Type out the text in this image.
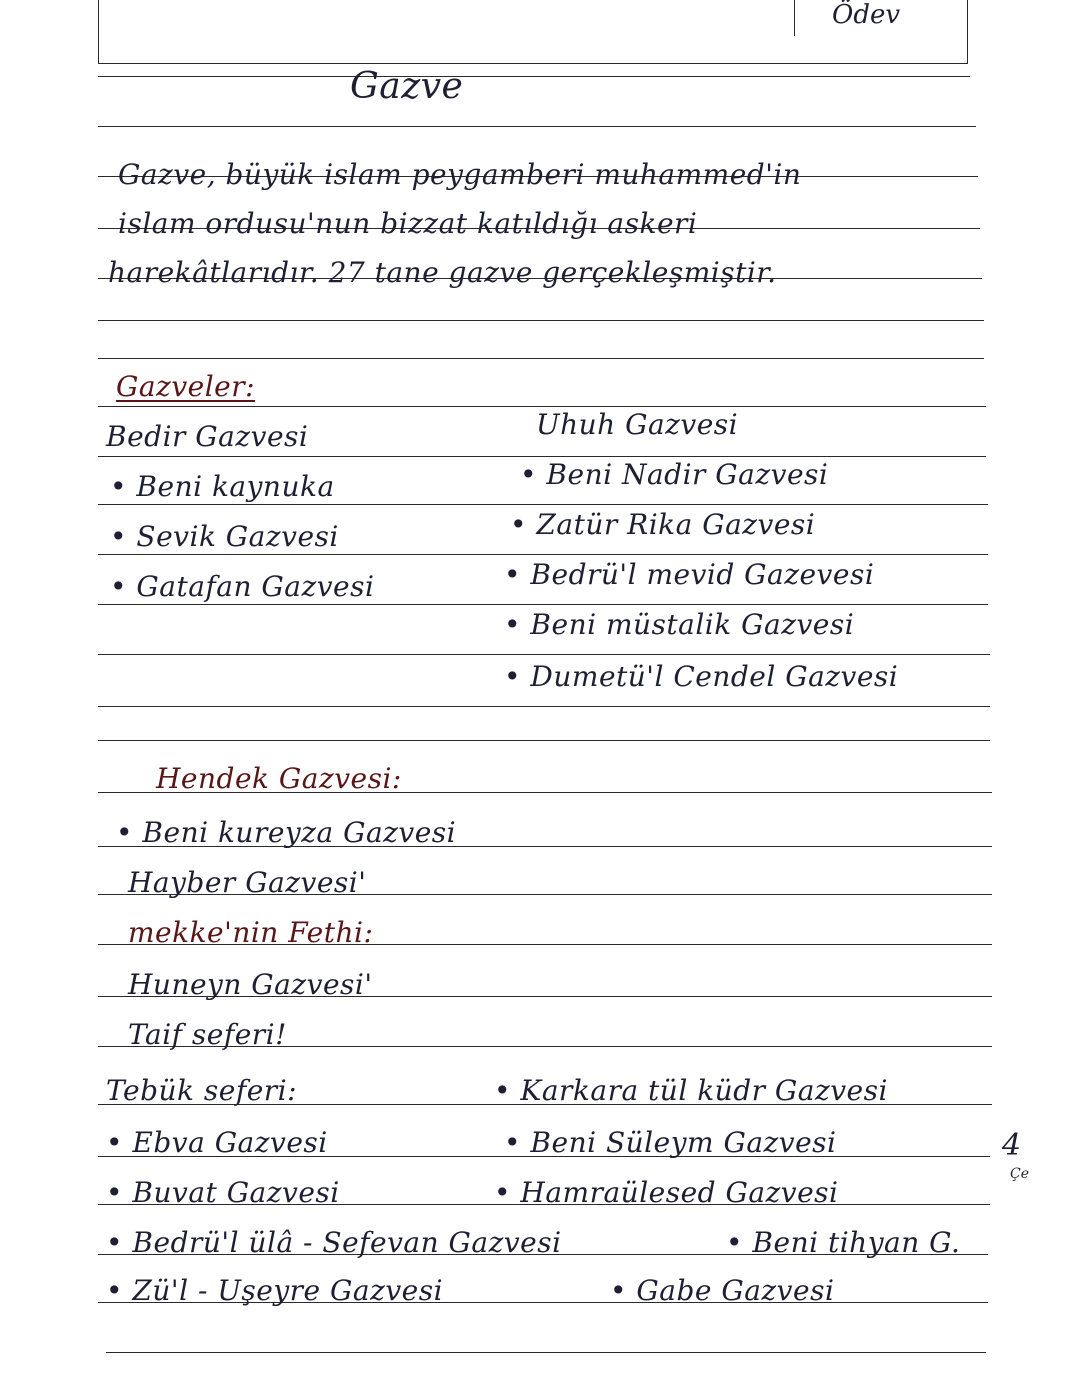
Ödev
Gazve
Gazve, büyük islam peygamberi muhammed'in
islam ordusu'nun bizzat katıldığı askeri
harekâtlarıdır. 27 tane gazve gerçekleşmiştir.
Gazveler:
Bedir Gazvesi
• Beni kaynuka
• Sevik Gazvesi
• Gatafan Gazvesi
Uhuh Gazvesi
• Beni Nadir Gazvesi
• Zatür Rika Gazvesi
• Bedrü'l mevid Gazevesi
• Beni müstalik Gazvesi
• Dumetü'l Cendel Gazvesi
Hendek Gazvesi:
• Beni kureyza Gazvesi
Hayber Gazvesi'
mekke'nin Fethi:
Huneyn Gazvesi'
Taif seferi!
Tebük seferi:
• Ebva Gazvesi
• Buvat Gazvesi
• Bedrü'l ülâ - Sefevan Gazvesi
• Zü'l - Uşeyre Gazvesi
• Karkara tül küdr Gazvesi
• Beni Süleym Gazvesi
• Hamraülesed Gazvesi
• Beni tihyan G.
• Gabe Gazvesi
4
Çe
